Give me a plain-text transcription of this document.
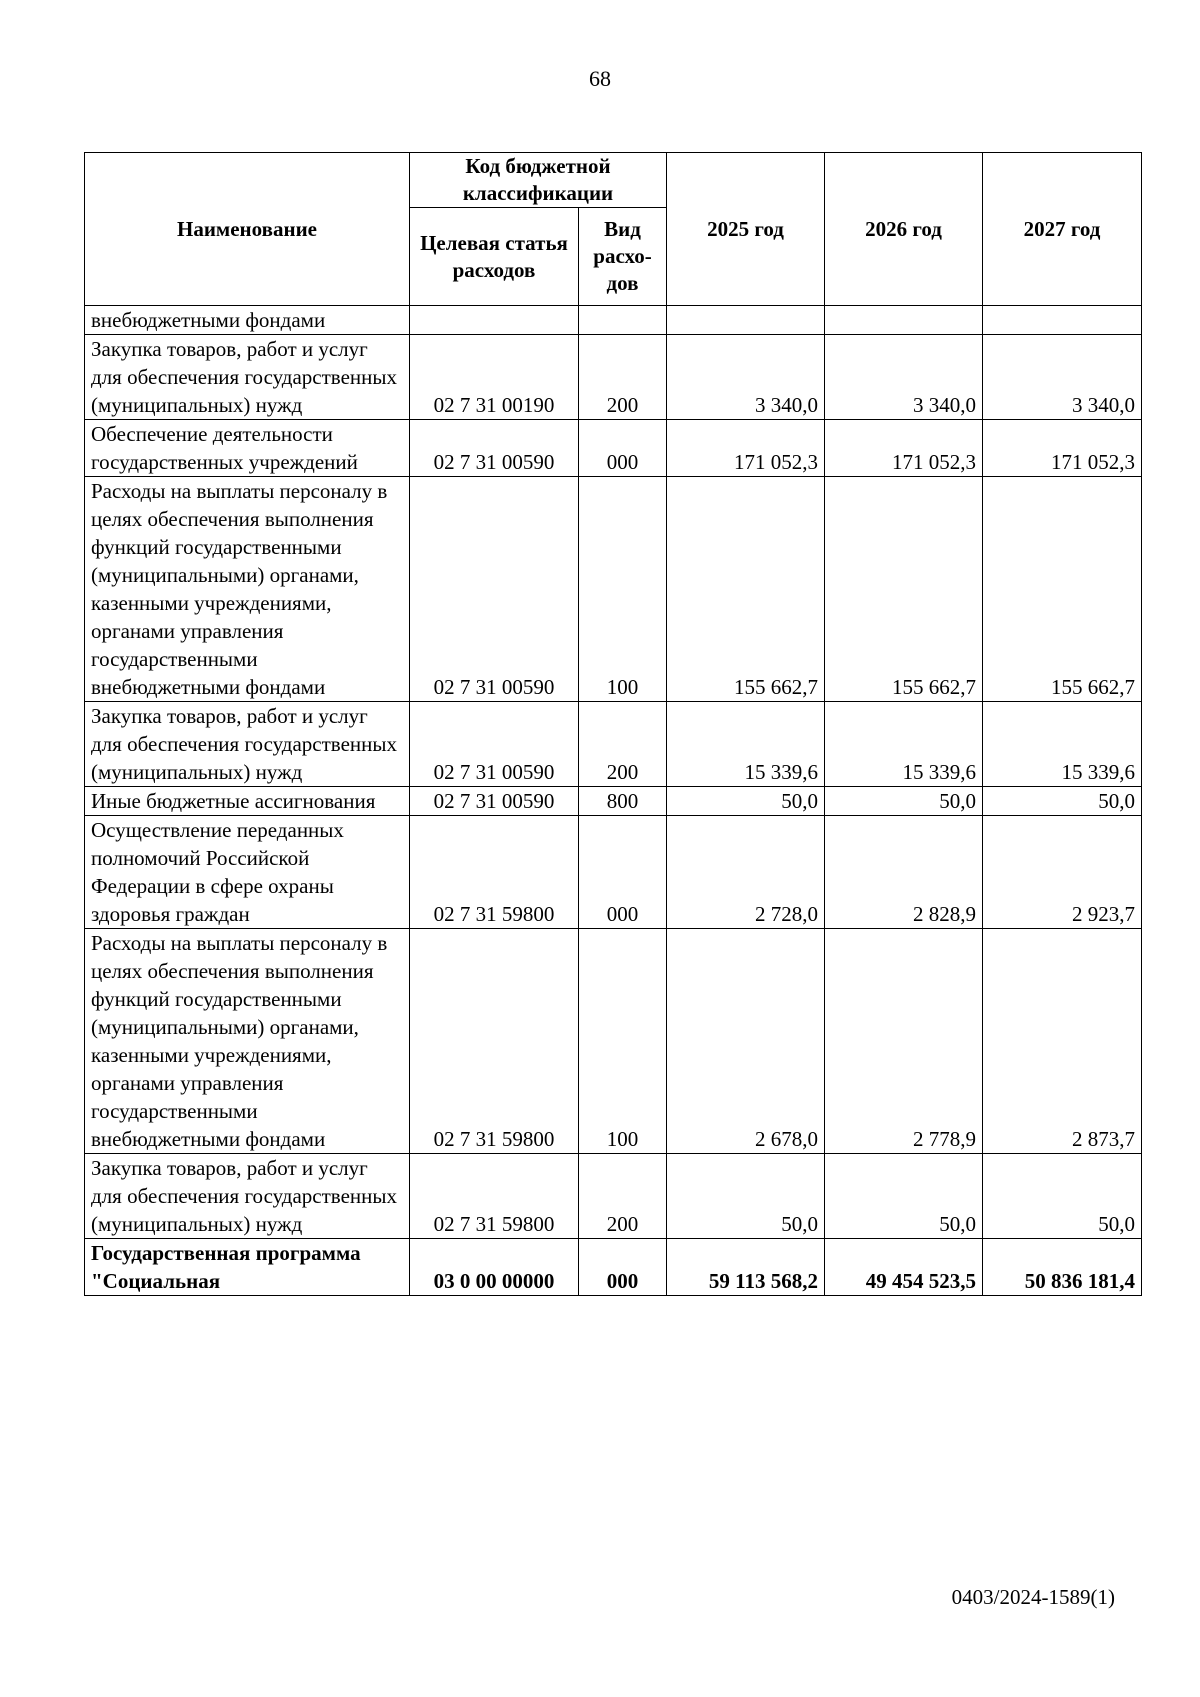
68
Наименование	Код бюджетной классификации		2025 год	2026 год	2027 год
	Целевая статья расходов	Вид расхо-дов			
внебюджетными фондами					
Закупка товаров, работ и услуг для обеспечения государственных (муниципальных) нужд	02 7 31 00190	200	3 340,0	3 340,0	3 340,0
Обеспечение деятельности государственных учреждений	02 7 31 00590	000	171 052,3	171 052,3	171 052,3
Расходы на выплаты персоналу в целях обеспечения выполнения функций государственными (муниципальными) органами, казенными учреждениями, органами управления государственными внебюджетными фондами	02 7 31 00590	100	155 662,7	155 662,7	155 662,7
Закупка товаров, работ и услуг для обеспечения государственных (муниципальных) нужд	02 7 31 00590	200	15 339,6	15 339,6	15 339,6
Иные бюджетные ассигнования	02 7 31 00590	800	50,0	50,0	50,0
Осуществление переданных полномочий Российской Федерации в сфере охраны здоровья граждан	02 7 31 59800	000	2 728,0	2 828,9	2 923,7
Расходы на выплаты персоналу в целях обеспечения выполнения функций государственными (муниципальными) органами, казенными учреждениями, органами управления государственными внебюджетными фондами	02 7 31 59800	100	2 678,0	2 778,9	2 873,7
Закупка товаров, работ и услуг для обеспечения государственных (муниципальных) нужд	02 7 31 59800	200	50,0	50,0	50,0
Государственная программа "Социальная	03 0 00 00000	000	59 113 568,2	49 454 523,5	50 836 181,4
0403/2024-1589(1)
